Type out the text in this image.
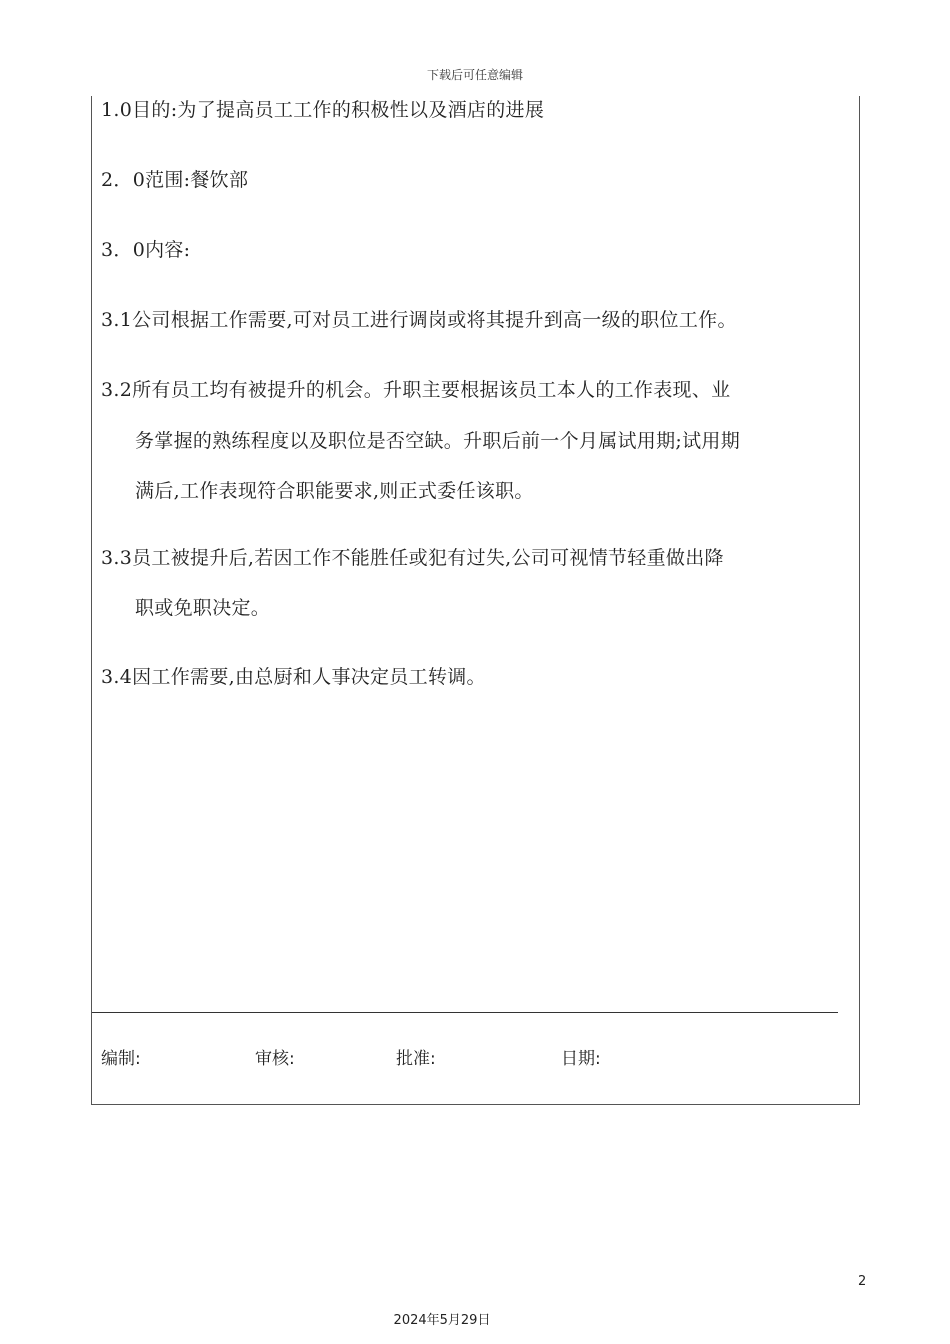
下载后可任意编辑
1.0目的:为了提高员工工作的积极性以及酒店的进展
2．0范围:餐饮部
3．0内容:
3.1公司根据工作需要,可对员工进行调岗或将其提升到高一级的职位工作。
3.2所有员工均有被提升的机会。升职主要根据该员工本人的工作表现、业
务掌握的熟练程度以及职位是否空缺。升职后前一个月属试用期;试用期
满后,工作表现符合职能要求,则正式委任该职。
3.3员工被提升后,若因工作不能胜任或犯有过失,公司可视情节轻重做出降
职或免职决定。
3.4因工作需要,由总厨和人事决定员工转调。
编制:	审核:	批准:	日期:
2
2024年5月29日
